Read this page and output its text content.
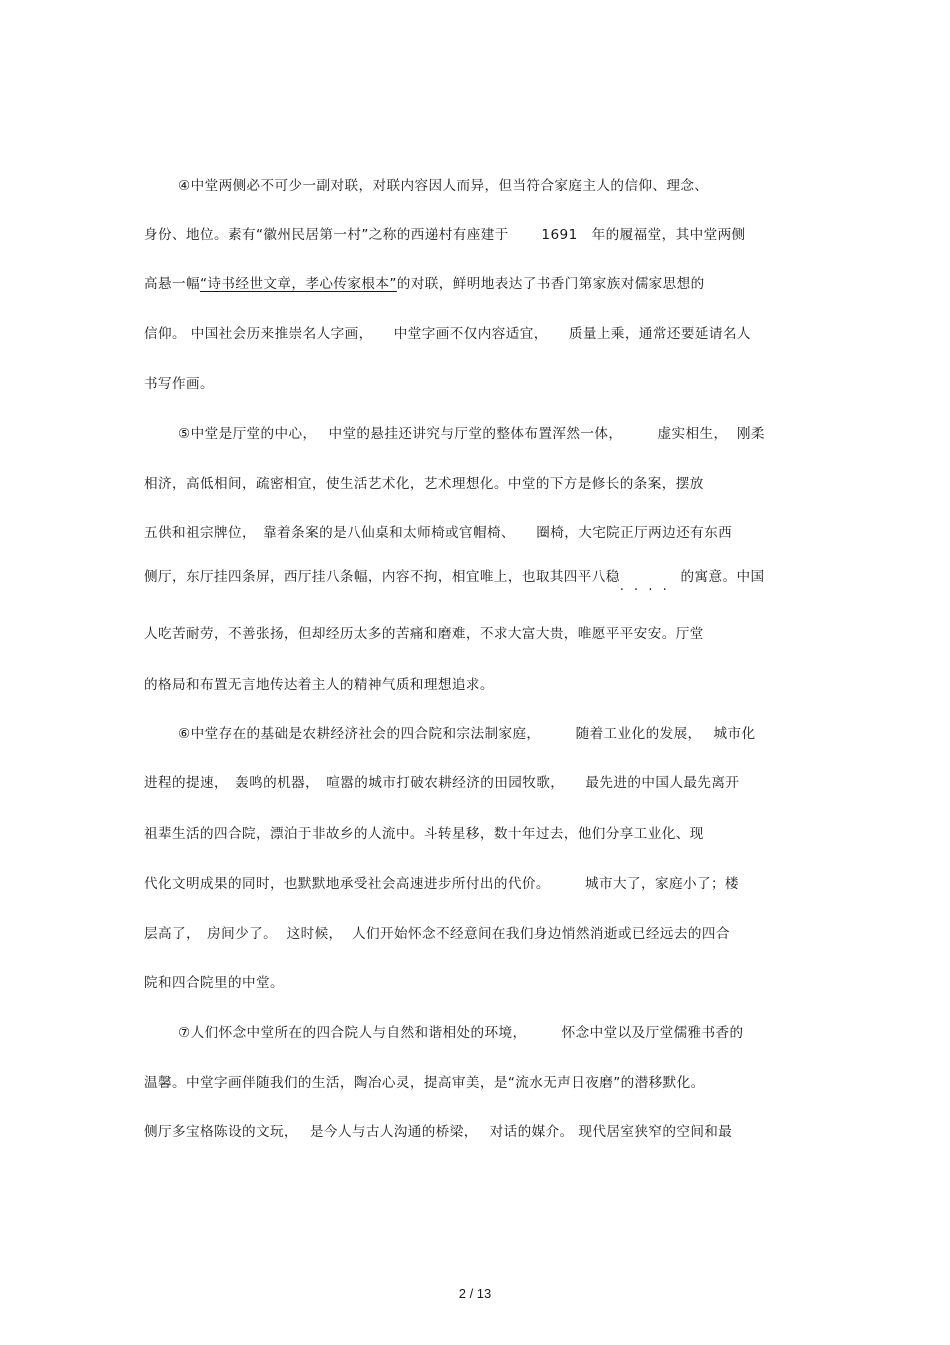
④中堂两侧必不可少一副对联，对联内容因人而异，但当符合家庭主人的信仰、理念、
身份、地位。素有“徽州民居第一村”之称的西递村有座建于　　 1691　年的履福堂，其中堂两侧
高悬一幅“诗书经世文章，孝心传家根本”的对联，鲜明地表达了书香门第家族对儒家思想的
信仰。 中国社会历来推崇名人字画，　　中堂字画不仅内容适宜，　　质量上乘，通常还要延请名人
书写作画。
⑤中堂是厅堂的中心，　 中堂的悬挂还讲究与厅堂的整体布置浑然一体，　　　虚实相生，  刚柔
相济，高低相间，疏密相宜，使生活艺术化，艺术理想化。中堂的下方是修长的条案，摆放
五供和祖宗牌位，　靠着条案的是八仙桌和太师椅或官帽椅、　　圈椅，大宅院正厅两边还有东西
侧厅，东厅挂四条屏，西厅挂八条幅，内容不拘，相宜唯上，也取其四平八稳　　　　 的寓意。中国 . . . .
人吃苦耐劳，不善张扬，但却经历太多的苦痛和磨难，不求大富大贵，唯愿平平安安。厅堂
的格局和布置无言地传达着主人的精神气质和理想追求。
⑥中堂存在的基础是农耕经济社会的四合院和宗法制家庭，　　　随着工业化的发展，　 城市化
进程的提速，　轰鸣的机器，　喧嚣的城市打破农耕经济的田园牧歌，　　最先进的中国人最先离开
祖辈生活的四合院，漂泊于非故乡的人流中。斗转星移，数十年过去，他们分享工业化、现
代化文明成果的同时，也默默地承受社会高速进步所付出的代价。　　　城市大了，家庭小了；楼
层高了，　房间少了。  这时候，  人们开始怀念不经意间在我们身边悄然消逝或已经远去的四合
院和四合院里的中堂。
⑦人们怀念中堂所在的四合院人与自然和谐相处的环境，　　　怀念中堂以及厅堂儒雅书香的
温馨。中堂字画伴随我们的生活，陶冶心灵，提高审美，是“流水无声日夜磨”的潜移默化。
侧厅多宝格陈设的文玩，　 是今人与古人沟通的桥梁，　 对话的媒介。 现代居室狭窄的空间和最
2 / 13
